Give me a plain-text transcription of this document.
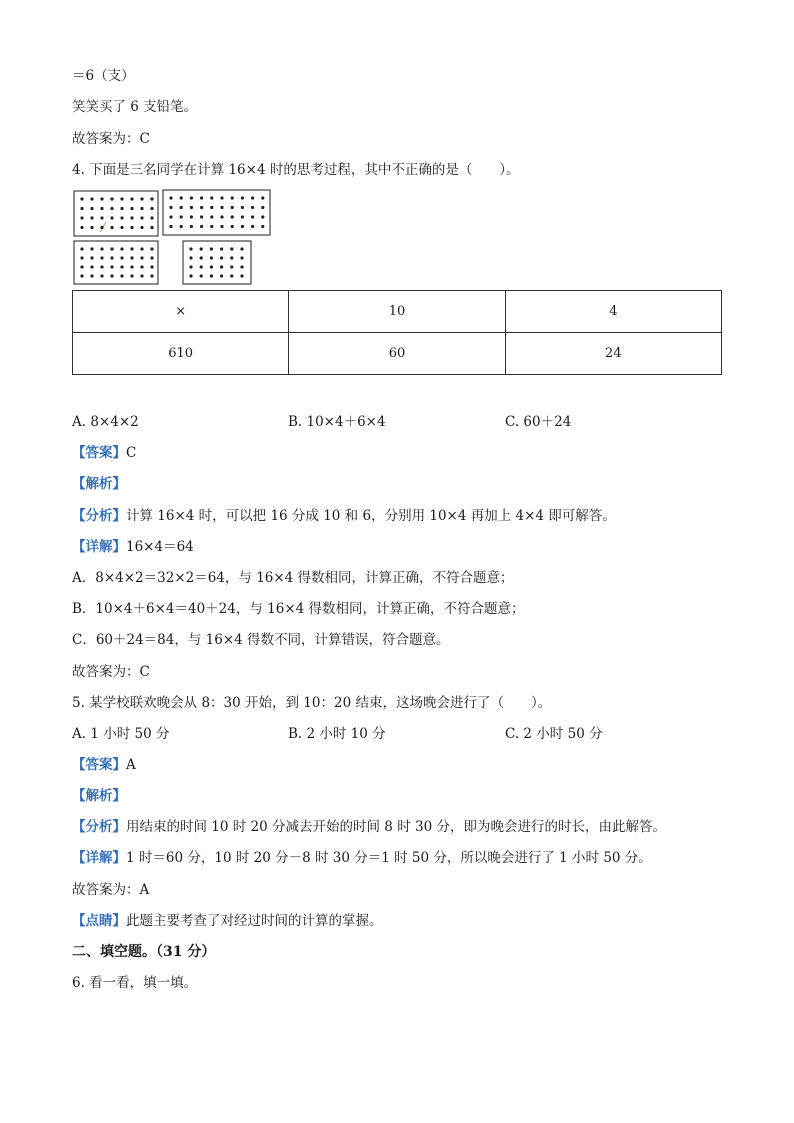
＝6（支）
笑笑买了 6 支铅笔。
故答案为：C
4. 下面是三名同学在计算 16×4 时的思考过程，其中不正确的是（　　）。
×	10	4
610	60	24
A. 8×4×2	B. 10×4＋6×4	C. 60＋24
【答案】C
【解析】
【分析】计算 16×4 时，可以把 16 分成 10 和 6，分别用 10×4 再加上 4×4 即可解答。
【详解】16×4＝64
A．8×4×2＝32×2＝64，与 16×4 得数相同，计算正确，不符合题意；
B．10×4＋6×4＝40＋24，与 16×4 得数相同，计算正确，不符合题意；
C．60＋24＝84，与 16×4 得数不同，计算错误，符合题意。
故答案为：C
5. 某学校联欢晚会从 8：30 开始，到 10：20 结束，这场晚会进行了（　　）。
A. 1 小时 50 分	B. 2 小时 10 分	C. 2 小时 50 分
【答案】A
【解析】
【分析】用结束的时间 10 时 20 分减去开始的时间 8 时 30 分，即为晚会进行的时长，由此解答。
【详解】1 时＝60 分，10 时 20 分－8 时 30 分＝1 时 50 分，所以晚会进行了 1 小时 50 分。
故答案为：A
【点睛】此题主要考查了对经过时间的计算的掌握。
二、填空题。（31 分）
6. 看一看，填一填。
